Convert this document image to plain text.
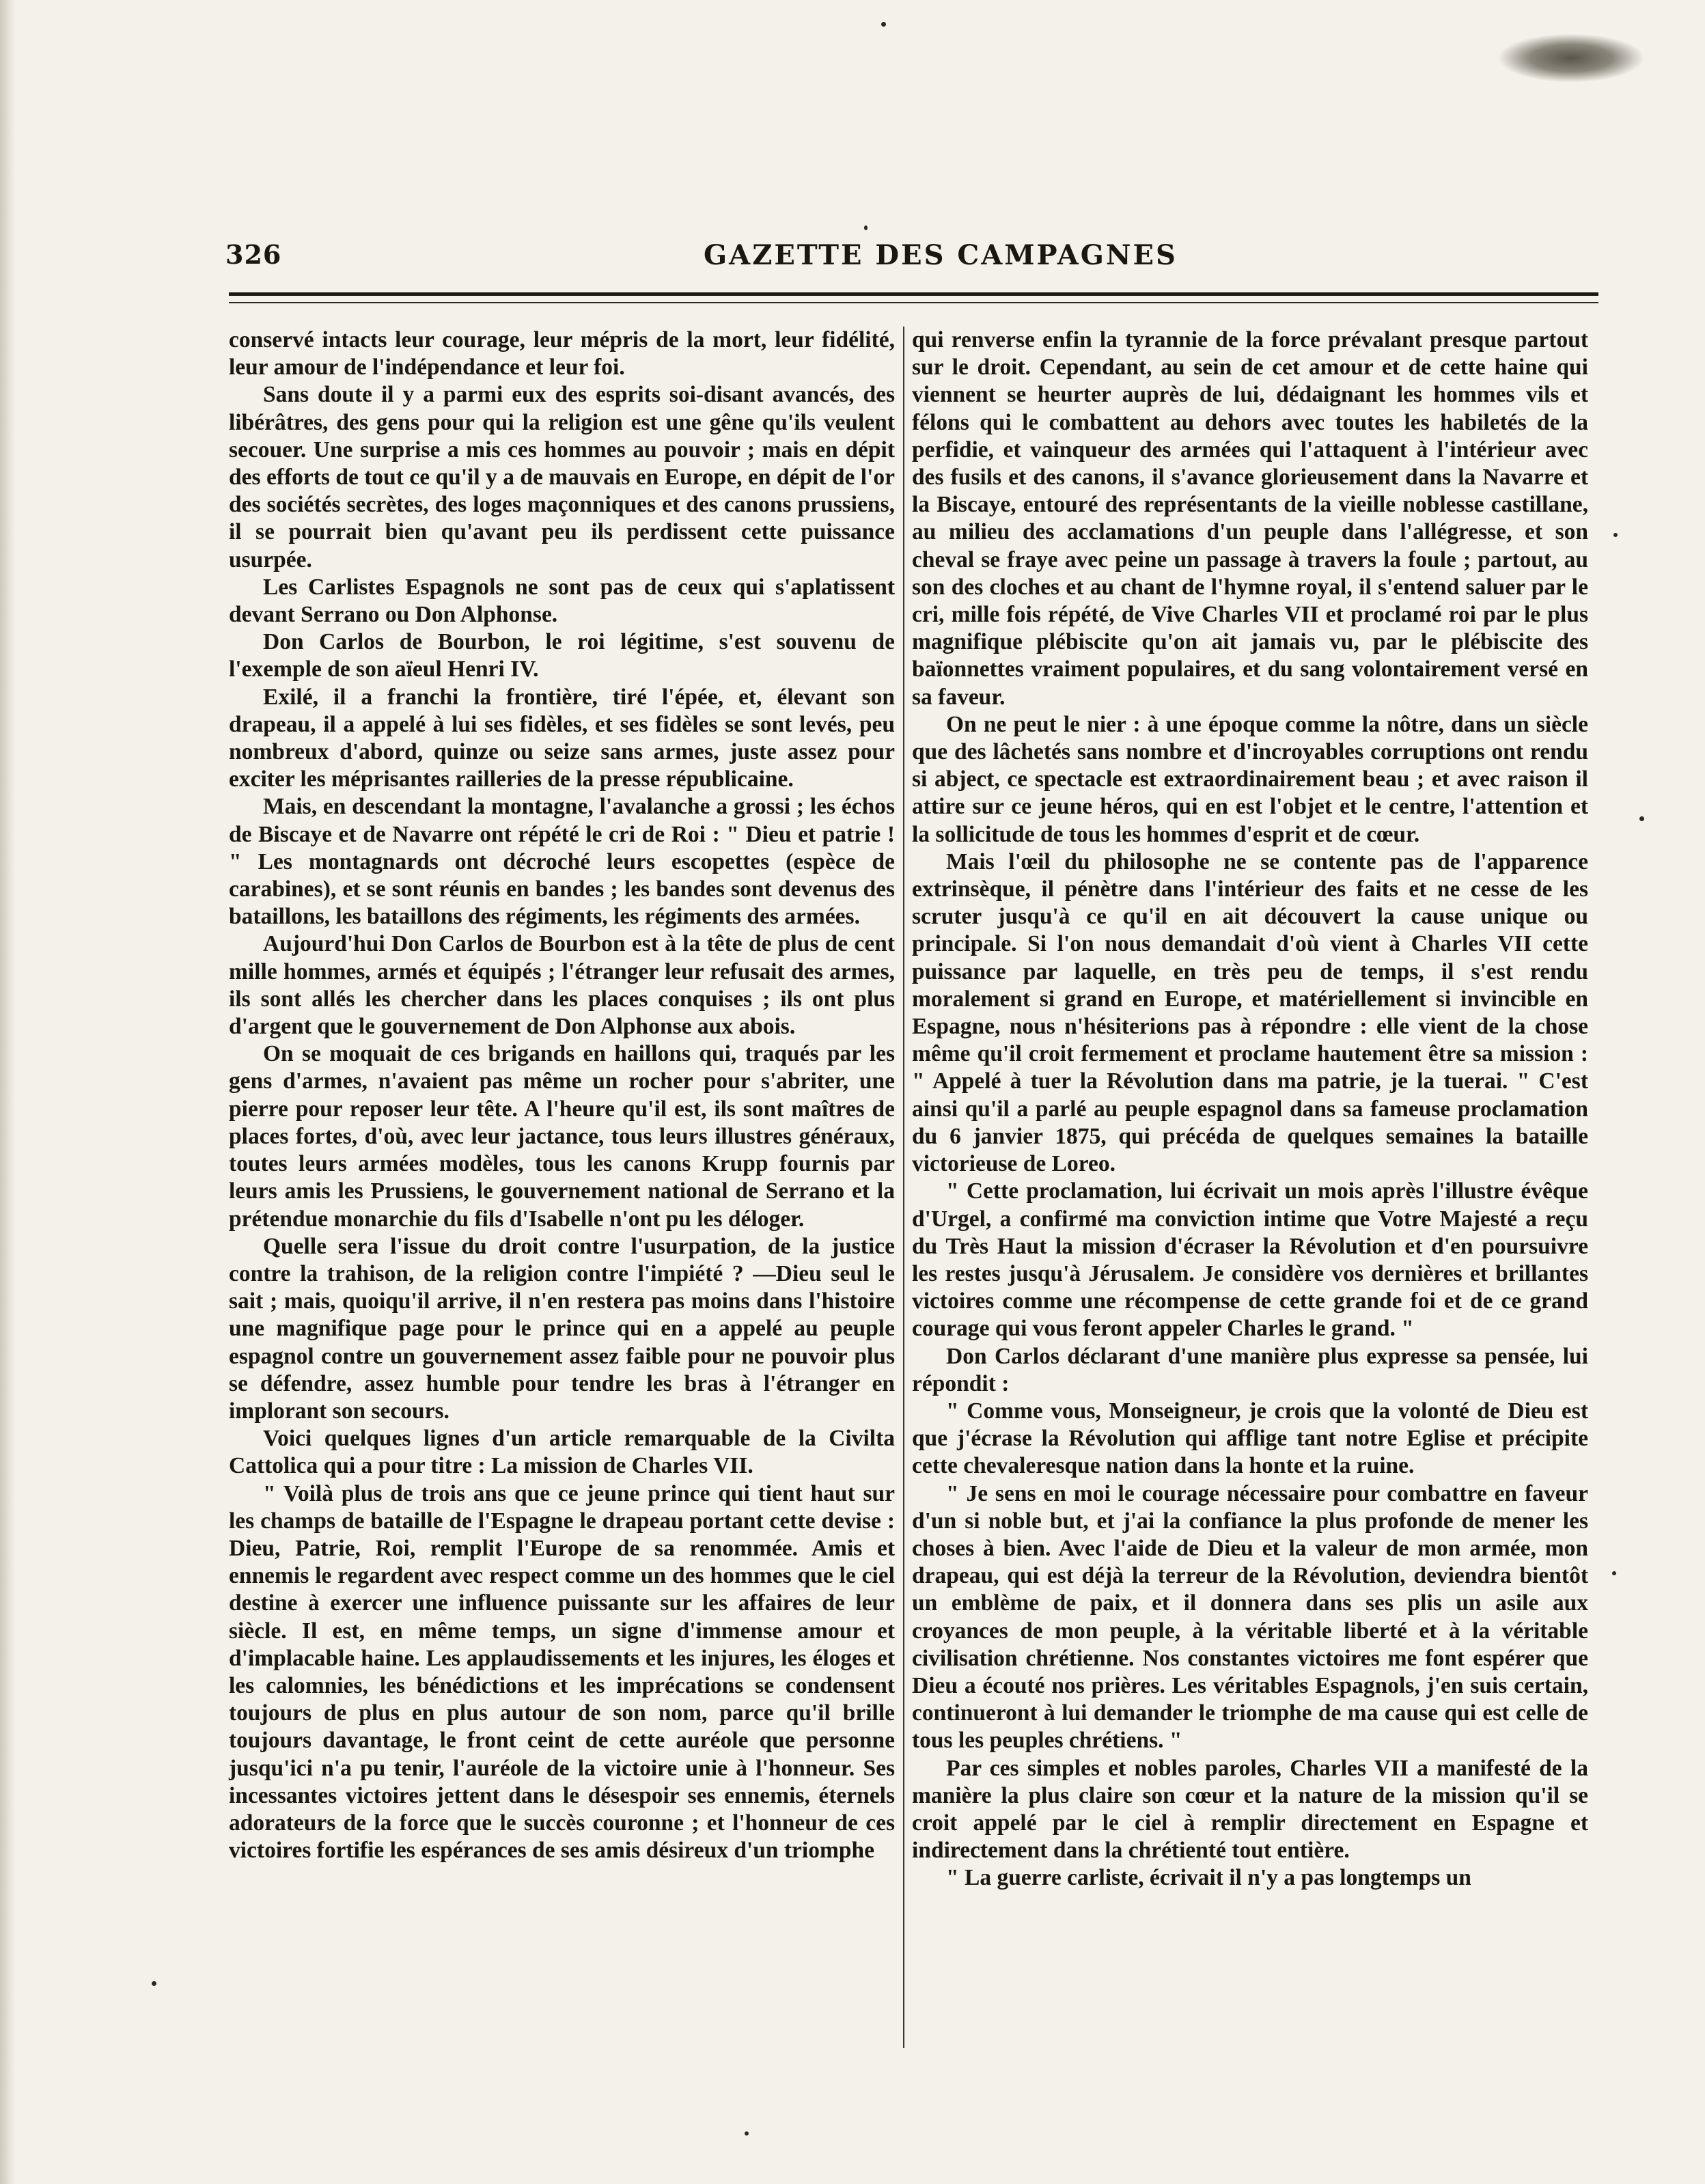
326	GAZETTE DES CAMPAGNES

conservé intacts leur courage, leur mépris de la mort, leur fidélité, leur amour de l'indépendance et leur foi.

Sans doute il y a parmi eux des esprits soi-disant avancés, des libérâtres, des gens pour qui la religion est une gêne qu'ils veulent secouer. Une surprise a mis ces hommes au pouvoir ; mais en dépit des efforts de tout ce qu'il y a de mauvais en Europe, en dépit de l'or des sociétés secrètes, des loges maçonniques et des canons prussiens, il se pourrait bien qu'avant peu ils perdissent cette puissance usurpée.

Les Carlistes Espagnols ne sont pas de ceux qui s'aplatissent devant Serrano ou Don Alphonse.

Don Carlos de Bourbon, le roi légitime, s'est souvenu de l'exemple de son aïeul Henri IV.

Exilé, il a franchi la frontière, tiré l'épée, et, élevant son drapeau, il a appelé à lui ses fidèles, et ses fidèles se sont levés, peu nombreux d'abord, quinze ou seize sans armes, juste assez pour exciter les méprisantes railleries de la presse républicaine.

Mais, en descendant la montagne, l'avalanche a grossi ; les échos de Biscaye et de Navarre ont répété le cri de Roi : " Dieu et patrie ! " Les montagnards ont décroché leurs escopettes (espèce de carabines), et se sont réunis en bandes ; les bandes sont devenus des bataillons, les bataillons des régiments, les régiments des armées.

Aujourd'hui Don Carlos de Bourbon est à la tête de plus de cent mille hommes, armés et équipés ; l'étranger leur refusait des armes, ils sont allés les chercher dans les places conquises ; ils ont plus d'argent que le gouvernement de Don Alphonse aux abois.

On se moquait de ces brigands en haillons qui, traqués par les gens d'armes, n'avaient pas même un rocher pour s'abriter, une pierre pour reposer leur tête. A l'heure qu'il est, ils sont maîtres de places fortes, d'où, avec leur jactance, tous leurs illustres généraux, toutes leurs armées modèles, tous les canons Krupp fournis par leurs amis les Prussiens, le gouvernement national de Serrano et la prétendue monarchie du fils d'Isabelle n'ont pu les déloger.

Quelle sera l'issue du droit contre l'usurpation, de la justice contre la trahison, de la religion contre l'impiété ? —Dieu seul le sait ; mais, quoiqu'il arrive, il n'en restera pas moins dans l'histoire une magnifique page pour le prince qui en a appelé au peuple espagnol contre un gouvernement assez faible pour ne pouvoir plus se défendre, assez humble pour tendre les bras à l'étranger en implorant son secours.

Voici quelques lignes d'un article remarquable de la Civilta Cattolica qui a pour titre : La mission de Charles VII.

" Voilà plus de trois ans que ce jeune prince qui tient haut sur les champs de bataille de l'Espagne le drapeau portant cette devise : Dieu, Patrie, Roi, remplit l'Europe de sa renommée. Amis et ennemis le regardent avec respect comme un des hommes que le ciel destine à exercer une influence puissante sur les affaires de leur siècle. Il est, en même temps, un signe d'immense amour et d'implacable haine. Les applaudissements et les injures, les éloges et les calomnies, les bénédictions et les imprécations se condensent toujours de plus en plus autour de son nom, parce qu'il brille toujours davantage, le front ceint de cette auréole que personne jusqu'ici n'a pu tenir, l'auréole de la victoire unie à l'honneur. Ses incessantes victoires jettent dans le désespoir ses ennemis, éternels adorateurs de la force que le succès couronne ; et l'honneur de ces victoires fortifie les espérances de ses amis désireux d'un triomphe

qui renverse enfin la tyrannie de la force prévalant presque partout sur le droit. Cependant, au sein de cet amour et de cette haine qui viennent se heurter auprès de lui, dédaignant les hommes vils et félons qui le combattent au dehors avec toutes les habiletés de la perfidie, et vainqueur des armées qui l'attaquent à l'intérieur avec des fusils et des canons, il s'avance glorieusement dans la Navarre et la Biscaye, entouré des représentants de la vieille noblesse castillane, au milieu des acclamations d'un peuple dans l'allégresse, et son cheval se fraye avec peine un passage à travers la foule ; partout, au son des cloches et au chant de l'hymne royal, il s'entend saluer par le cri, mille fois répété, de Vive Charles VII et proclamé roi par le plus magnifique plébiscite qu'on ait jamais vu, par le plébiscite des baïonnettes vraiment populaires, et du sang volontairement versé en sa faveur.

On ne peut le nier : à une époque comme la nôtre, dans un siècle que des lâchetés sans nombre et d'incroyables corruptions ont rendu si abject, ce spectacle est extraordinairement beau ; et avec raison il attire sur ce jeune héros, qui en est l'objet et le centre, l'attention et la sollicitude de tous les hommes d'esprit et de cœur.

Mais l'œil du philosophe ne se contente pas de l'apparence extrinsèque, il pénètre dans l'intérieur des faits et ne cesse de les scruter jusqu'à ce qu'il en ait découvert la cause unique ou principale. Si l'on nous demandait d'où vient à Charles VII cette puissance par laquelle, en très peu de temps, il s'est rendu moralement si grand en Europe, et matériellement si invincible en Espagne, nous n'hésiterions pas à répondre : elle vient de la chose même qu'il croit fermement et proclame hautement être sa mission : " Appelé à tuer la Révolution dans ma patrie, je la tuerai. " C'est ainsi qu'il a parlé au peuple espagnol dans sa fameuse proclamation du 6 janvier 1875, qui précéda de quelques semaines la bataille victorieuse de Loreo.

" Cette proclamation, lui écrivait un mois après l'illustre évêque d'Urgel, a confirmé ma conviction intime que Votre Majesté a reçu du Très Haut la mission d'écraser la Révolution et d'en poursuivre les restes jusqu'à Jérusalem. Je considère vos dernières et brillantes victoires comme une récompense de cette grande foi et de ce grand courage qui vous feront appeler Charles le grand. "

Don Carlos déclarant d'une manière plus expresse sa pensée, lui répondit :

" Comme vous, Monseigneur, je crois que la volonté de Dieu est que j'écrase la Révolution qui afflige tant notre Eglise et précipite cette chevaleresque nation dans la honte et la ruine.

" Je sens en moi le courage nécessaire pour combattre en faveur d'un si noble but, et j'ai la confiance la plus profonde de mener les choses à bien. Avec l'aide de Dieu et la valeur de mon armée, mon drapeau, qui est déjà la terreur de la Révolution, deviendra bientôt un emblème de paix, et il donnera dans ses plis un asile aux croyances de mon peuple, à la véritable liberté et à la véritable civilisation chrétienne. Nos constantes victoires me font espérer que Dieu a écouté nos prières. Les véritables Espagnols, j'en suis certain, continueront à lui demander le triomphe de ma cause qui est celle de tous les peuples chrétiens. "

Par ces simples et nobles paroles, Charles VII a manifesté de la manière la plus claire son cœur et la nature de la mission qu'il se croit appelé par le ciel à remplir directement en Espagne et indirectement dans la chrétienté tout entière.

" La guerre carliste, écrivait il n'y a pas longtemps un
